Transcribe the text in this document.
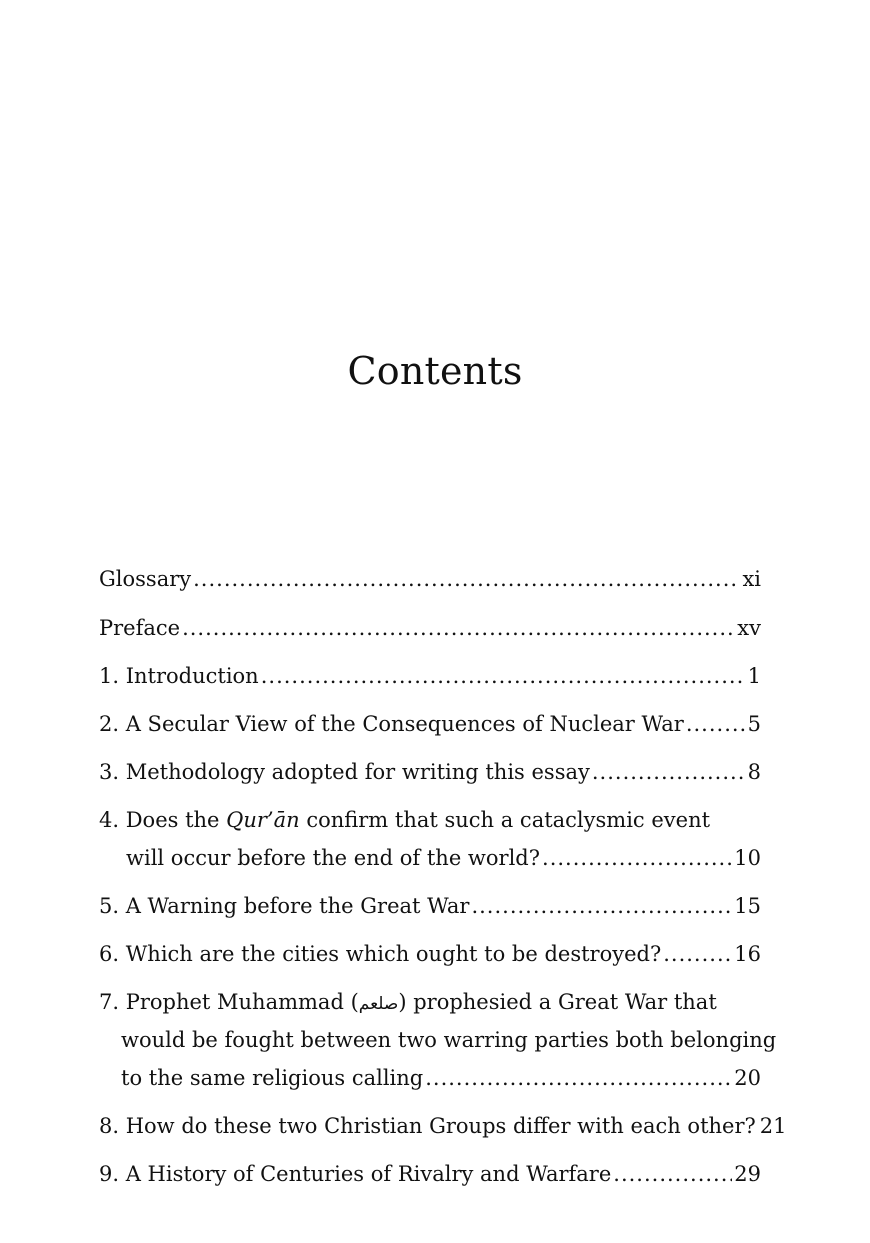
Contents
Glossary .....	xi
Preface .....	xv
1. Introduction .....	1
2. A Secular View of the Consequences of Nuclear War .....	5
3. Methodology adopted for writing this essay .....	8
4. Does the Qur’ān confirm that such a cataclysmic event
will occur before the end of the world? .....	10
5. A Warning before the Great War .....	15
6. Which are the cities which ought to be destroyed? .....	16
7. Prophet Muhammad (صلعم) prophesied a Great War that
would be fought between two warring parties both belonging
to the same religious calling .....	20
8. How do these two Christian Groups differ with each other? 21
9. A History of Centuries of Rivalry and Warfare .....	29
